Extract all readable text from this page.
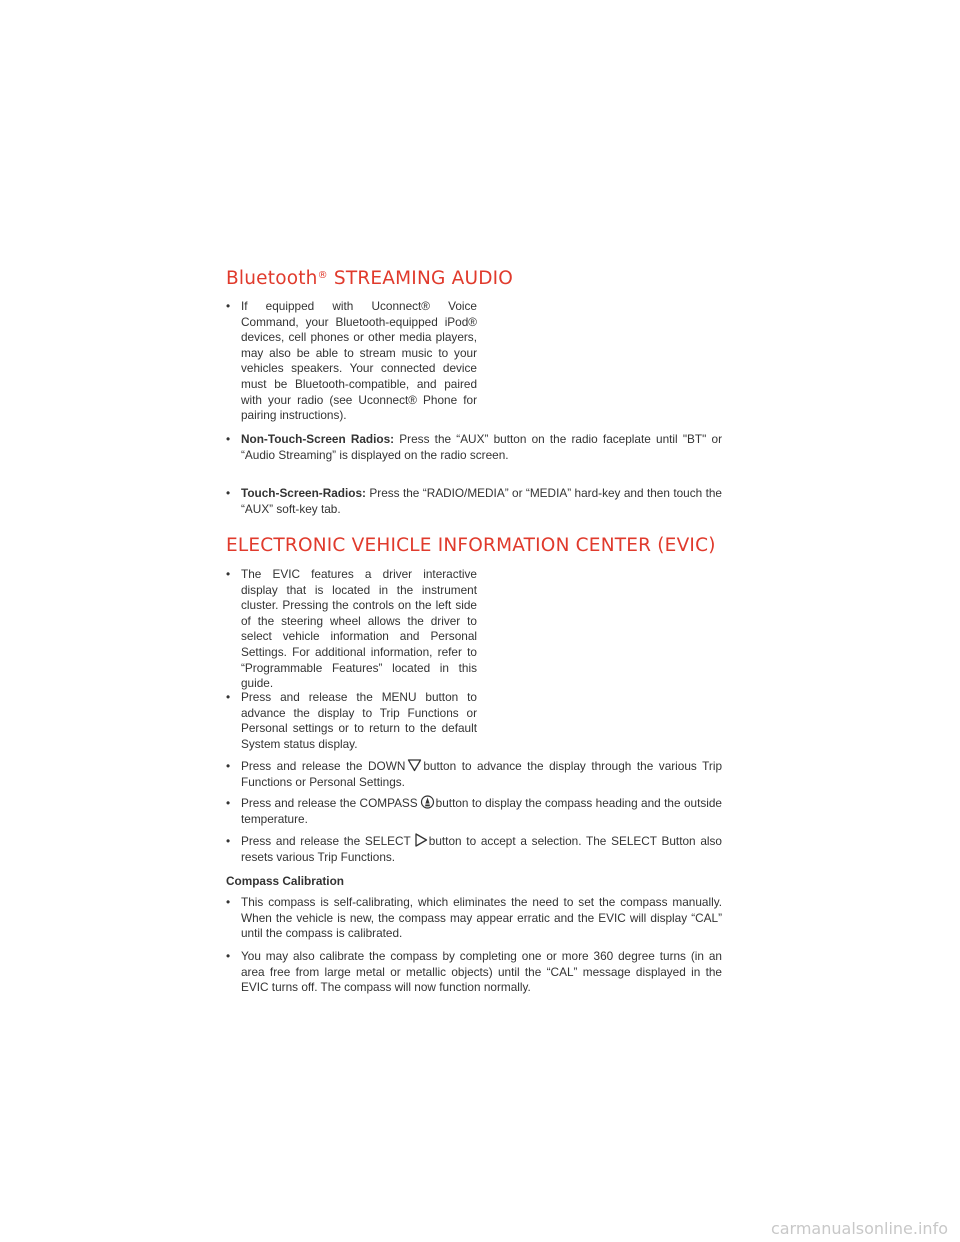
Bluetooth® STREAMING AUDIO

• If equipped with Uconnect® Voice Command, your Bluetooth-equipped iPod® devices, cell phones or other media players, may also be able to stream music to your vehicles speakers. Your connected device must be Bluetooth-compatible, and paired with your radio (see Uconnect® Phone for pairing instructions).

• Non-Touch-Screen Radios: Press the “AUX” button on the radio faceplate until "BT" or “Audio Streaming” is displayed on the radio screen.

• Touch-Screen-Radios: Press the “RADIO/MEDIA” or “MEDIA” hard-key and then touch the “AUX” soft-key tab.

ELECTRONIC VEHICLE INFORMATION CENTER (EVIC)

• The EVIC features a driver interactive display that is located in the instrument cluster. Pressing the controls on the left side of the steering wheel allows the driver to select vehicle information and Personal Settings. For additional information, refer to “Programmable Features” located in this guide.

• Press and release the MENU button to advance the display to Trip Functions or Personal settings or to return to the default System status display.

• Press and release the DOWN button to advance the display through the various Trip Functions or Personal Settings.

• Press and release the COMPASS button to display the compass heading and the outside temperature.

• Press and release the SELECT button to accept a selection. The SELECT Button also resets various Trip Functions.

Compass Calibration

• This compass is self-calibrating, which eliminates the need to set the compass manually. When the vehicle is new, the compass may appear erratic and the EVIC will display “CAL” until the compass is calibrated.

• You may also calibrate the compass by completing one or more 360 degree turns (in an area free from large metal or metallic objects) until the “CAL” message displayed in the EVIC turns off. The compass will now function normally.

carmanualsonline.info
